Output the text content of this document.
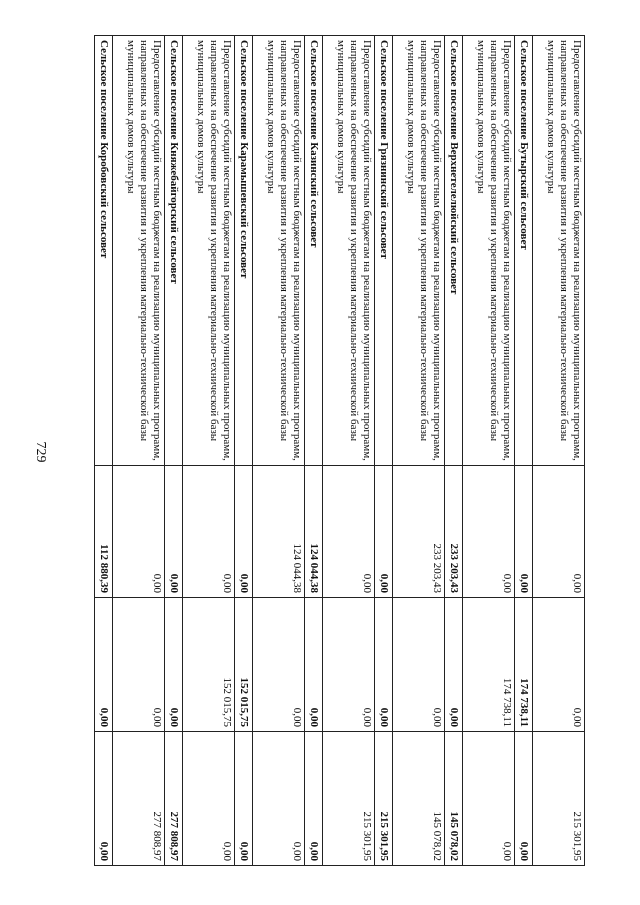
729	Предоставление субсидий местным бюджетам на реализацию муниципальных программ, направленных на обеспечение развития и укрепления материально-технической базы муниципальных домов культуры	0,00	0,00	215 301,95
Сельское поселение Бутырский сельсовет	0,00	174 738,11	0,00
Предоставление субсидий местным бюджетам на реализацию муниципальных программ, направленных на обеспечение развития и укрепления материально-технической базы муниципальных домов культуры	0,00	174 738,11	0,00
Сельское поселение Верхнетелелюйский сельсовет	233 203,43	0,00	145 078,02
Предоставление субсидий местным бюджетам на реализацию муниципальных программ, направленных на обеспечение развития и укрепления материально-технической базы муниципальных домов культуры	233 203,43	0,00	145 078,02
Сельское поселение Грязнинский сельсовет	0,00	0,00	215 301,95
Предоставление субсидий местным бюджетам на реализацию муниципальных программ, направленных на обеспечение развития и укрепления материально-технической базы муниципальных домов культуры	0,00	0,00	215 301,95
Сельское поселение Казинский сельсовет	124 044,38	0,00	0,00
Предоставление субсидий местным бюджетам на реализацию муниципальных программ, направленных на обеспечение развития и укрепления материально-технической базы муниципальных домов культуры	124 044,38	0,00	0,00
Сельское поселение Карамышевский сельсовет	0,00	152 015,75	0,00
Предоставление субсидий местным бюджетам на реализацию муниципальных программ, направленных на обеспечение развития и укрепления материально-технической базы муниципальных домов культуры	0,00	152 015,75	0,00
Сельское поселение Княжебайгорский сельсовет	0,00	0,00	277 808,97
Предоставление субсидий местным бюджетам на реализацию муниципальных программ, направленных на обеспечение развития и укрепления материально-технической базы муниципальных домов культуры	0,00	0,00	277 808,97
Сельское поселение Коробовский сельсовет	112 880,39	0,00	0,00
